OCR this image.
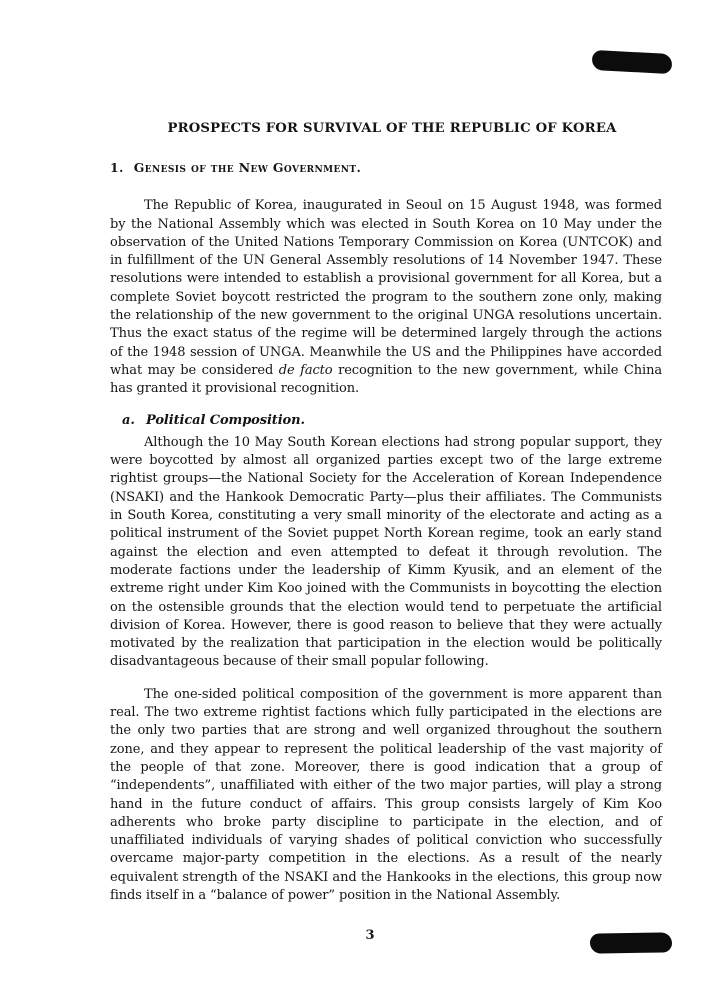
PROSPECTS FOR SURVIVAL OF THE REPUBLIC OF KOREA
1. Genesis of the New Government.

The Republic of Korea, inaugurated in Seoul on 15 August 1948, was formed by the National Assembly which was elected in South Korea on 10 May under the observation of the United Nations Temporary Commission on Korea (UNTCOK) and in fulfillment of the UN General Assembly resolutions of 14 November 1947. These resolutions were intended to establish a provisional government for all Korea, but a complete Soviet boycott restricted the program to the southern zone only, making the relationship of the new government to the original UNGA resolutions uncertain. Thus the exact status of the regime will be determined largely through the actions of the 1948 session of UNGA. Meanwhile the US and the Philippines have accorded what may be considered de facto recognition to the new government, while China has granted it provisional recognition.

a. Political Composition.

Although the 10 May South Korean elections had strong popular support, they were boycotted by almost all organized parties except two of the large extreme rightist groups—the National Society for the Acceleration of Korean Independence (NSAKI) and the Hankook Democratic Party—plus their affiliates. The Communists in South Korea, constituting a very small minority of the electorate and acting as a political instrument of the Soviet puppet North Korean regime, took an early stand against the election and even attempted to defeat it through revolution. The moderate factions under the leadership of Kimm Kyusik, and an element of the extreme right under Kim Koo joined with the Communists in boycotting the election on the ostensible grounds that the election would tend to perpetuate the artificial division of Korea. However, there is good reason to believe that they were actually motivated by the realization that participation in the election would be politically disadvantageous because of their small popular following.

The one-sided political composition of the government is more apparent than real. The two extreme rightist factions which fully participated in the elections are the only two parties that are strong and well organized throughout the southern zone, and they appear to represent the political leadership of the vast majority of the people of that zone. Moreover, there is good indication that a group of “independents”, unaffiliated with either of the two major parties, will play a strong hand in the future conduct of affairs. This group consists largely of Kim Koo adherents who broke party discipline to participate in the election, and of unaffiliated individuals of varying shades of political conviction who successfully overcame major-party competition in the elections. As a result of the nearly equivalent strength of the NSAKI and the Hankooks in the elections, this group now finds itself in a “balance of power” position in the National Assembly.

3
